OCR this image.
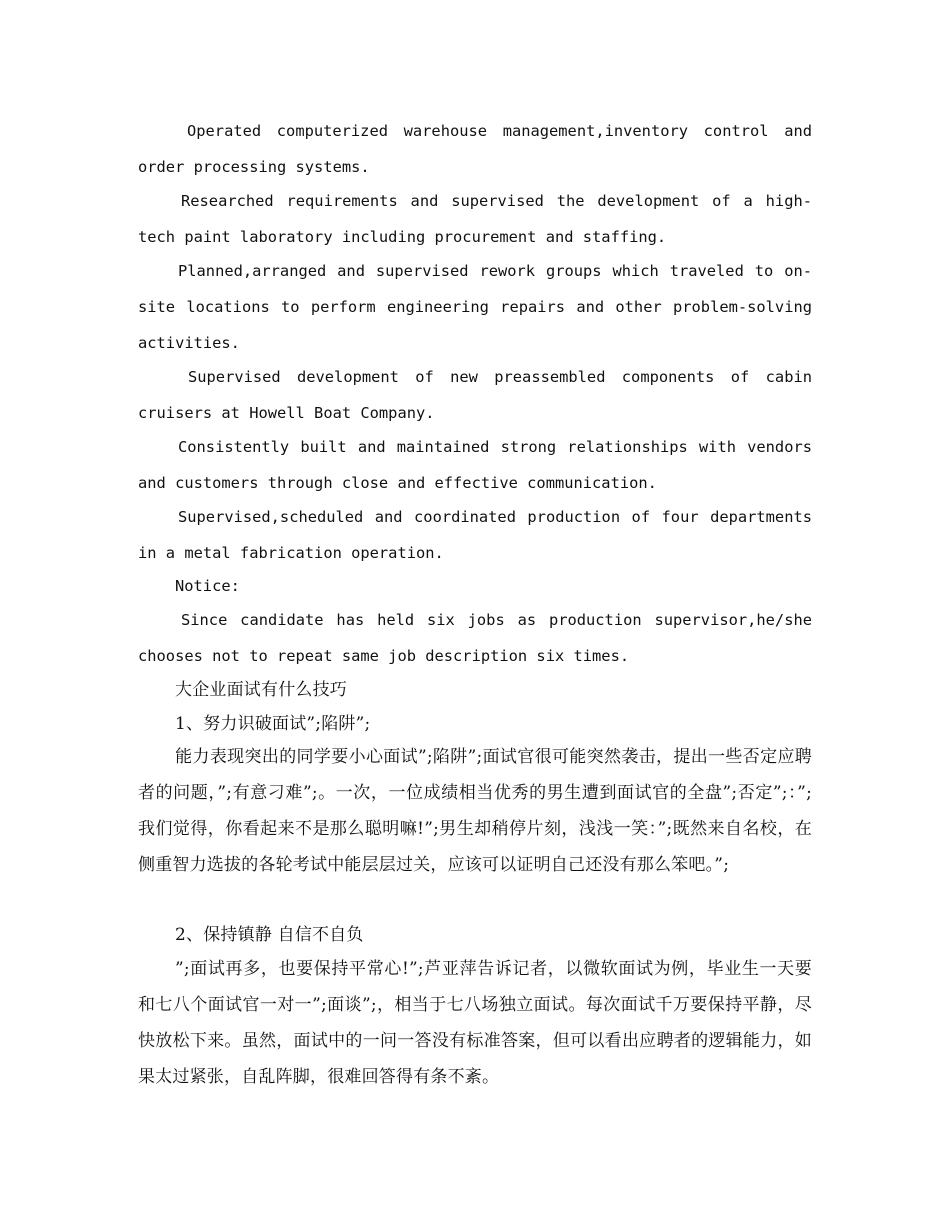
Operated computerized warehouse management,inventory control and order processing systems.

Researched requirements and supervised the development of a high-tech paint laboratory including procurement and staffing.

Planned,arranged and supervised rework groups which traveled to on-site locations to perform engineering repairs and other problem-solving activities.

Supervised development of new preassembled components of cabin cruisers at Howell Boat Company.

Consistently built and maintained strong relationships with vendors and customers through close and effective communication.

Supervised,scheduled and coordinated production of four departments in a metal fabrication operation.

Notice:

Since candidate has held six jobs as production supervisor,he/she chooses not to repeat same job description six times.

大企业面试有什么技巧

1、努力识破面试”;陷阱”;

能力表现突出的同学要小心面试”;陷阱”;面试官很可能突然袭击，提出一些否定应聘者的问题，”;有意刁难”;。一次，一位成绩相当优秀的男生遭到面试官的全盘”;否定”;：”;我们觉得，你看起来不是那么聪明嘛!”;男生却稍停片刻，浅浅一笑：”;既然来自名校，在侧重智力选拔的各轮考试中能层层过关，应该可以证明自己还没有那么笨吧。”;

2、保持镇静 自信不自负

”;面试再多，也要保持平常心!”;芦亚萍告诉记者，以微软面试为例，毕业生一天要和七八个面试官一对一”;面谈”;，相当于七八场独立面试。每次面试千万要保持平静，尽快放松下来。虽然，面试中的一问一答没有标准答案，但可以看出应聘者的逻辑能力，如果太过紧张，自乱阵脚，很难回答得有条不紊。
